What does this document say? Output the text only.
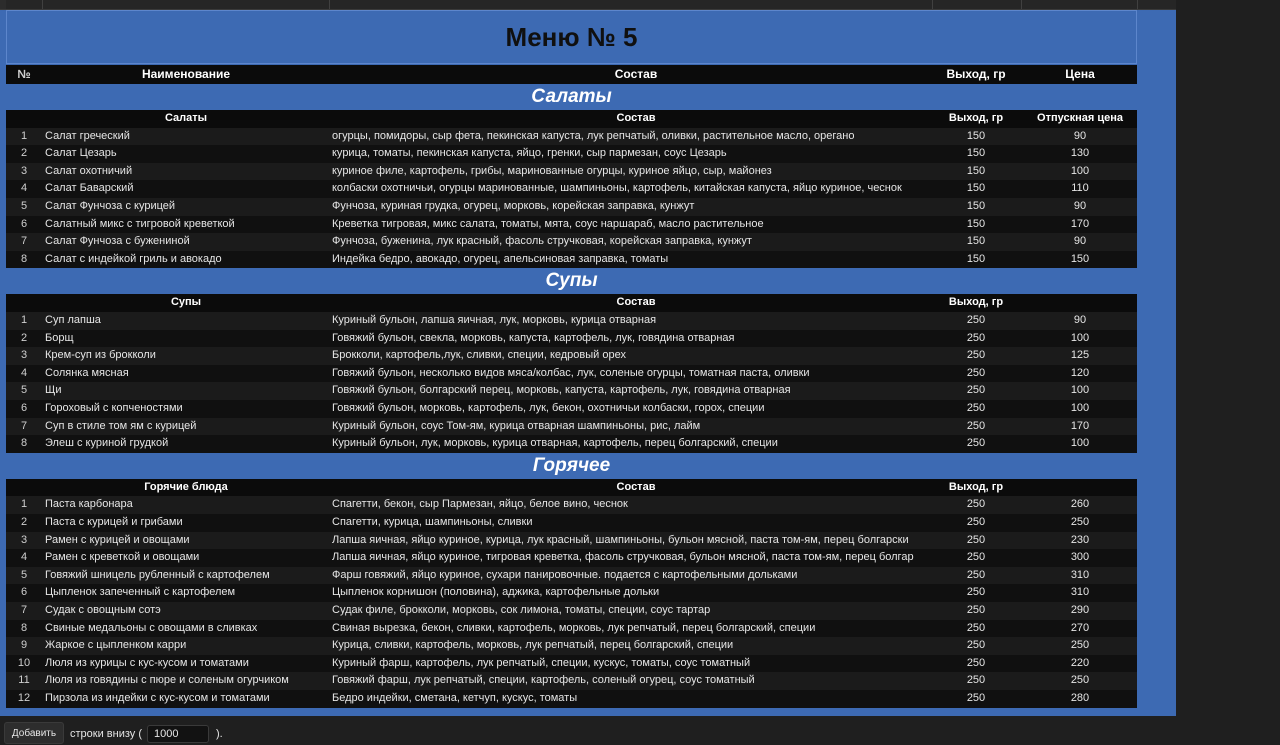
Меню № 5
№	Наименование	Состав	Выход, гр	Цена
Салаты
Салаты	Состав	Выход, гр	Отпускная цена
1	Салат греческий	огурцы, помидоры, сыр фета, пекинская капуста, лук репчатый, оливки, растительное масло, орегано	150	90
2	Салат Цезарь	курица, томаты, пекинская капуста, яйцо, гренки, сыр пармезан, соус Цезарь	150	130
3	Салат охотничий	куриное филе, картофель, грибы, маринованные огурцы, куриное яйцо, сыр, майонез	150	100
4	Салат Баварский	колбаски охотничьи, огурцы маринованные, шампиньоны, картофель, китайская капуста, яйцо куриное, чеснок	150	110
5	Салат Фунчоза с курицей	Фунчоза, куриная грудка, огурец, морковь, корейская заправка, кунжут	150	90
6	Салатный микс с тигровой креветкой	Креветка тигровая, микс салата, томаты, мята, соус наршараб, масло растительное	150	170
7	Салат Фунчоза с бужениной	Фунчоза, буженина, лук красный, фасоль стручковая, корейская заправка, кунжут	150	90
8	Салат с индейкой гриль и авокадо	Индейка бедро, авокадо, огурец, апельсиновая заправка, томаты	150	150
Супы
Супы	Состав	Выход, гр
1	Суп лапша	Куриный бульон, лапша яичная, лук, морковь, курица отварная	250	90
2	Борщ	Говяжий бульон, свекла, морковь, капуста, картофель, лук, говядина отварная	250	100
3	Крем-суп из брокколи	Брокколи, картофель,лук, сливки, специи, кедровый орех	250	125
4	Солянка мясная	Говяжий бульон, несколько видов мяса/колбас, лук, соленые огурцы, томатная паста, оливки	250	120
5	Щи	Говяжий бульон, болгарский перец, морковь, капуста, картофель, лук, говядина отварная	250	100
6	Гороховый с копченостями	Говяжий бульон, морковь, картофель, лук, бекон, охотничьи колбаски, горох, специи	250	100
7	Суп в стиле том ям с курицей	Куриный бульон, соус Том-ям, курица отварная шампиньоны, рис, лайм	250	170
8	Элеш с куриной грудкой	Куриный бульон, лук, морковь, курица отварная, картофель, перец болгарский, специи	250	100
Горячее
Горячие блюда	Состав	Выход, гр
1	Паста карбонара	Спагетти, бекон, сыр Пармезан, яйцо, белое вино, чеснок	250	260
2	Паста с курицей и грибами	Спагетти, курица, шампиньоны, сливки	250	250
3	Рамен с курицей и овощами	Лапша яичная, яйцо куриное, курица, лук красный, шампиньоны, бульон мясной, паста том-ям, перец болгарски	250	230
4	Рамен с креветкой и овощами	Лапша яичная, яйцо куриное, тигровая креветка, фасоль стручковая, бульон мясной, паста том-ям, перец болгар	250	300
5	Говяжий шницель рубленный с картофелем	Фарш говяжий, яйцо куриное, сухари панировочные. подается с картофельными дольками	250	310
6	Цыпленок запеченный с картофелем	Цыпленок корнишон (половина), аджика, картофельные дольки	250	310
7	Судак с овощным сотэ	Судак филе, брокколи, морковь, сок лимона, томаты, специи, соус тартар	250	290
8	Свиные медальоны с овощами в сливках	Свиная вырезка, бекон, сливки, картофель, морковь, лук репчатый, перец болгарский, специи	250	270
9	Жаркое с цыпленком карри	Курица, сливки, картофель, морковь, лук репчатый, перец болгарский, специи	250	250
10	Люля из курицы с кус-кусом и томатами	Куриный фарш, картофель, лук репчатый, специи, кускус, томаты, соус томатный	250	220
11	Люля из говядины с пюре и соленым огурчиком	Говяжий фарш, лук репчатый, специи, картофель, соленый огурец, соус томатный	250	250
12	Пирзола из индейки с кус-кусом и томатами	Бедро индейки, сметана, кетчуп, кускус, томаты	250	280
Добавить	строки внизу (
1000	).
